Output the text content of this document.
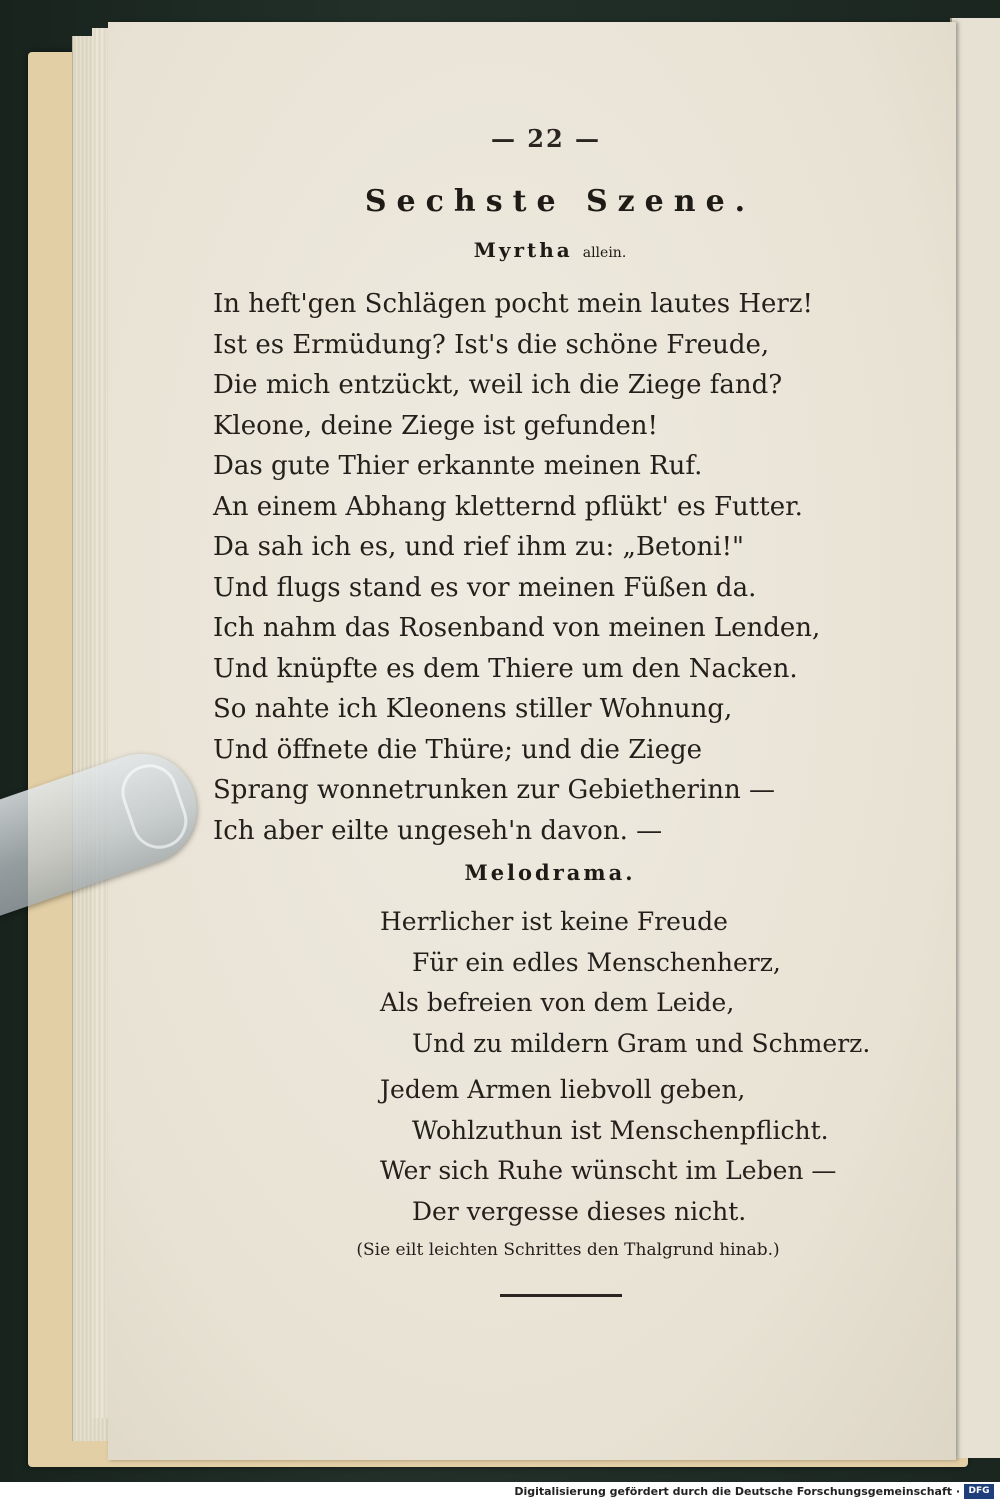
— 22 —
Sechste Szene.
Myrtha allein.
In heft'gen Schlägen pocht mein lautes Herz!
Ist es Ermüdung? Ist's die schöne Freude,
Die mich entzückt, weil ich die Ziege fand?
Kleone, deine Ziege ist gefunden!
Das gute Thier erkannte meinen Ruf.
An einem Abhang kletternd pflükt' es Futter.
Da sah ich es, und rief ihm zu: „Betoni!"
Und flugs stand es vor meinen Füßen da.
Ich nahm das Rosenband von meinen Lenden,
Und knüpfte es dem Thiere um den Nacken.
So nahte ich Kleonens stiller Wohnung,
Und öffnete die Thüre; und die Ziege
Sprang wonnetrunken zur Gebietherinn —
Ich aber eilte ungeseh'n davon. —
Melodrama.
Herrlicher ist keine Freude
Für ein edles Menschenherz,
Als befreien von dem Leide,
Und zu mildern Gram und Schmerz.
Jedem Armen liebvoll geben,
Wohlzuthun ist Menschenpflicht.
Wer sich Ruhe wünscht im Leben —
Der vergesse dieses nicht.
(Sie eilt leichten Schrittes den Thalgrund hinab.)
Digitalisierung gefördert durch die Deutsche Forschungsgemeinschaft · DFG
